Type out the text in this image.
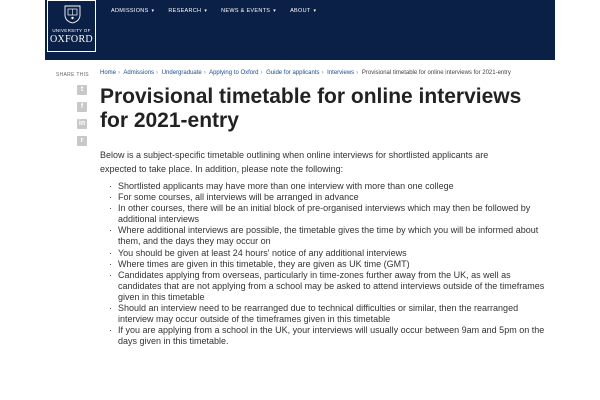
UNIVERSITY OF
OXFORD
ADMISSIONS ▾	RESEARCH ▾	NEWS & EVENTS ▾	ABOUT ▾
SHARE THIS
t
f
in
r
Home › Admissions › Undergraduate › Applying to Oxford › Guide for applicants › Interviews › Provisional timetable for online interviews for 2021-entry
Provisional timetable for online interviews for 2021-entry

Below is a subject-specific timetable outlining when online interviews for shortlisted applicants are expected to take place. In addition, please note the following:

· Shortlisted applicants may have more than one interview with more than one college
· For some courses, all interviews will be arranged in advance
· In other courses, there will be an initial block of pre-organised interviews which may then be followed by additional interviews
· Where additional interviews are possible, the timetable gives the time by which you will be informed about them, and the days they may occur on
· You should be given at least 24 hours' notice of any additional interviews
· Where times are given in this timetable, they are given as UK time (GMT)
· Candidates applying from overseas, particularly in time-zones further away from the UK, as well as candidates that are not applying from a school may be asked to attend interviews outside of the timeframes given in this timetable
· Should an interview need to be rearranged due to technical difficulties or similar, then the rearranged interview may occur outside of the timeframes given in this timetable
· If you are applying from a school in the UK, your interviews will usually occur between 9am and 5pm on the days given in this timetable.
